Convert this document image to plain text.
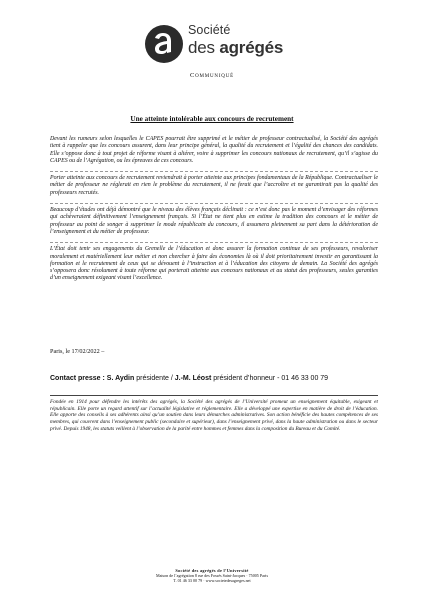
Société
des agrégés
Communiqué
Une atteinte intolérable aux concours de recrutement

Devant les rumeurs selon lesquelles le CAPES pourrait être supprimé et le métier de professeur contractualisé, la Société des agrégés tient à rappeler que les concours assurent, dans leur principe général, la qualité du recrutement et l’égalité des chances des candidats. Elle s’oppose donc à tout projet de réforme visant à altérer, voire à supprimer les concours nationaux de recrutement, qu’il s’agisse du CAPES ou de l’Agrégation, ou les épreuves de ces concours.

Porter atteinte aux concours de recrutement reviendrait à porter atteinte aux principes fondamentaux de la République. Contractualiser le métier de professeur ne réglerait en rien le problème du recrutement, il ne ferait que l’accroître et ne garantirait pas la qualité des professeurs recrutés.

Beaucoup d’études ont déjà démontré que le niveau des élèves français déclinait : ce n’est donc pas le moment d’envisager des réformes qui achèveraient définitivement l’enseignement français. Si l’État ne tient plus en estime la tradition des concours et le métier de professeur au point de songer à supprimer le mode républicain du concours, il assumera pleinement sa part dans la détérioration de l’enseignement et du métier de professeur.

L’État doit tenir ses engagements du Grenelle de l’éducation et donc assurer la formation continue de ses professeurs, revaloriser moralement et matériellement leur métier et non chercher à faire des économies là où il doit prioritairement investir en garantissant la formation et le recrutement de ceux qui se dévouent à l’instruction et à l’éducation des citoyens de demain. La Société des agrégés s’opposera donc résolument à toute réforme qui porterait atteinte aux concours nationaux et au statut des professeurs, seules garanties d’un enseignement exigeant visant l’excellence.

Paris, le 17/02/2022 –
Contact presse : S. Aydin présidente / J.-M. Léost président d’honneur - 01 46 33 00 79
Fondée en 1914 pour défendre les intérêts des agrégés, la Société des agrégés de l’Université promeut un enseignement équitable, exigeant et républicain. Elle porte un regard attentif sur l’actualité législative et réglementaire. Elle a développé une expertise en matière de droit de l’éducation. Elle apporte des conseils à ses adhérents ainsi qu’un soutien dans leurs démarches administratives. Son action bénéficie des hautes compétences de ses membres, qui couvrent dans l’enseignement public (secondaire et supérieur), dans l’enseignement privé, dans la haute administration ou dans le secteur privé. Depuis 1948, les statuts veillent à l’observation de la parité entre hommes et femmes dans la composition du Bureau et du Comité.
Société des agrégés de l’Université
Maison de l’agrégation 8 rue des Fossés Saint-Jacques · 75005 Paris
T. 01 46 33 00 79 · www.societedesagreges.net
